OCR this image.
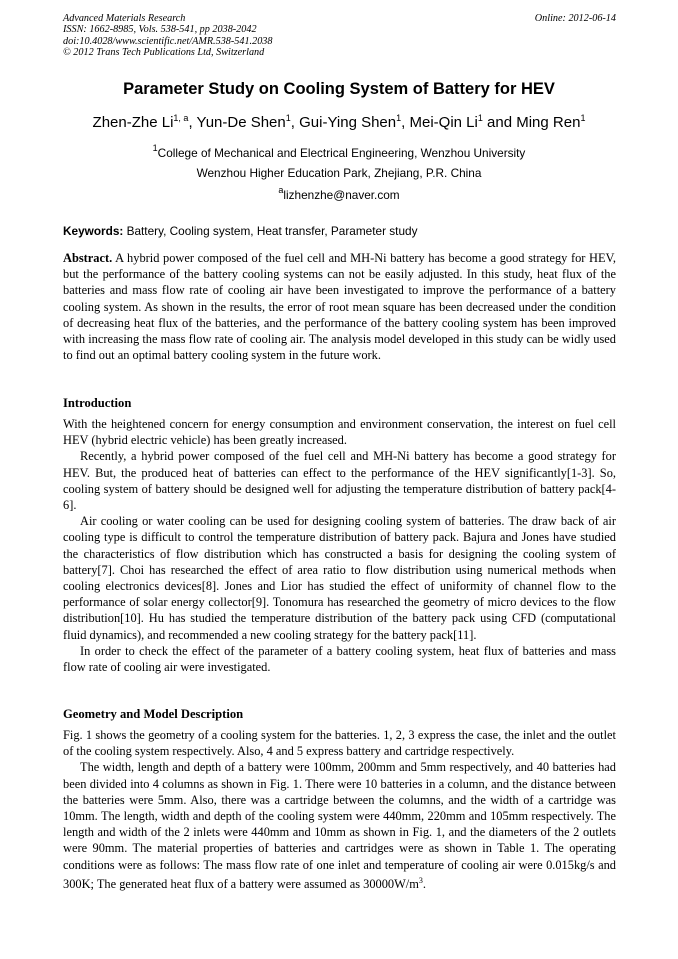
Advanced Materials Research
ISSN: 1662-8985, Vols. 538-541, pp 2038-2042
doi:10.4028/www.scientific.net/AMR.538-541.2038
© 2012 Trans Tech Publications Ltd, Switzerland
Online: 2012-06-14
Parameter Study on Cooling System of Battery for HEV
Zhen-Zhe Li$^{1, a}$, Yun-De Shen$^1$, Gui-Ying Shen$^1$, Mei-Qin Li$^1$ and Ming Ren$^1$
$^1$College of Mechanical and Electrical Engineering, Wenzhou University
Wenzhou Higher Education Park, Zhejiang, P.R. China
$^a$lizhenzhe@naver.com
Keywords: Battery, Cooling system, Heat transfer, Parameter study

Abstract. A hybrid power composed of the fuel cell and MH-Ni battery has become a good strategy for HEV, but the performance of the battery cooling systems can not be easily adjusted. In this study, heat flux of the batteries and mass flow rate of cooling air have been investigated to improve the performance of a battery cooling system. As shown in the results, the error of root mean square has been decreased under the condition of decreasing heat flux of the batteries, and the performance of the battery cooling system has been improved with increasing the mass flow rate of cooling air. The analysis model developed in this study can be widly used to find out an optimal battery cooling system in the future work.

Introduction

With the heightened concern for energy consumption and environment conservation, the interest on fuel cell HEV (hybrid electric vehicle) has been greatly increased.

Recently, a hybrid power composed of the fuel cell and MH-Ni battery has become a good strategy for HEV. But, the produced heat of batteries can effect to the performance of the HEV significantly[1-3]. So, cooling system of battery should be designed well for adjusting the temperature distribution of battery pack[4-6].

Air cooling or water cooling can be used for designing cooling system of batteries. The draw back of air cooling type is difficult to control the temperature distribution of battery pack. Bajura and Jones have studied the characteristics of flow distribution which has constructed a basis for designing the cooling system of battery[7]. Choi has researched the effect of area ratio to flow distribution using numerical methods when cooling electronics devices[8]. Jones and Lior has studied the effect of uniformity of channel flow to the performance of solar energy collector[9]. Tonomura has researched the geometry of micro devices to the flow distribution[10]. Hu has studied the temperature distribution of the battery pack using CFD (computational fluid dynamics), and recommended a new cooling strategy for the battery pack[11].

In order to check the effect of the parameter of a battery cooling system, heat flux of batteries and mass flow rate of cooling air were investigated.

Geometry and Model Description

Fig. 1 shows the geometry of a cooling system for the batteries. 1, 2, 3 express the case, the inlet and the outlet of the cooling system respectively. Also, 4 and 5 express battery and cartridge respectively.

The width, length and depth of a battery were 100mm, 200mm and 5mm respectively, and 40 batteries had been divided into 4 columns as shown in Fig. 1. There were 10 batteries in a column, and the distance between the batteries were 5mm. Also, there was a cartridge between the columns, and the width of a cartridge was 10mm. The length, width and depth of the cooling system were 440mm, 220mm and 105mm respectively. The length and width of the 2 inlets were 440mm and 10mm as shown in Fig. 1, and the diameters of the 2 outlets were 90mm. The material properties of batteries and cartridges were as shown in Table 1. The operating conditions were as follows: The mass flow rate of one inlet and temperature of cooling air were 0.015kg/s and 300K; The generated heat flux of a battery were assumed as $30000W/m^3$.
